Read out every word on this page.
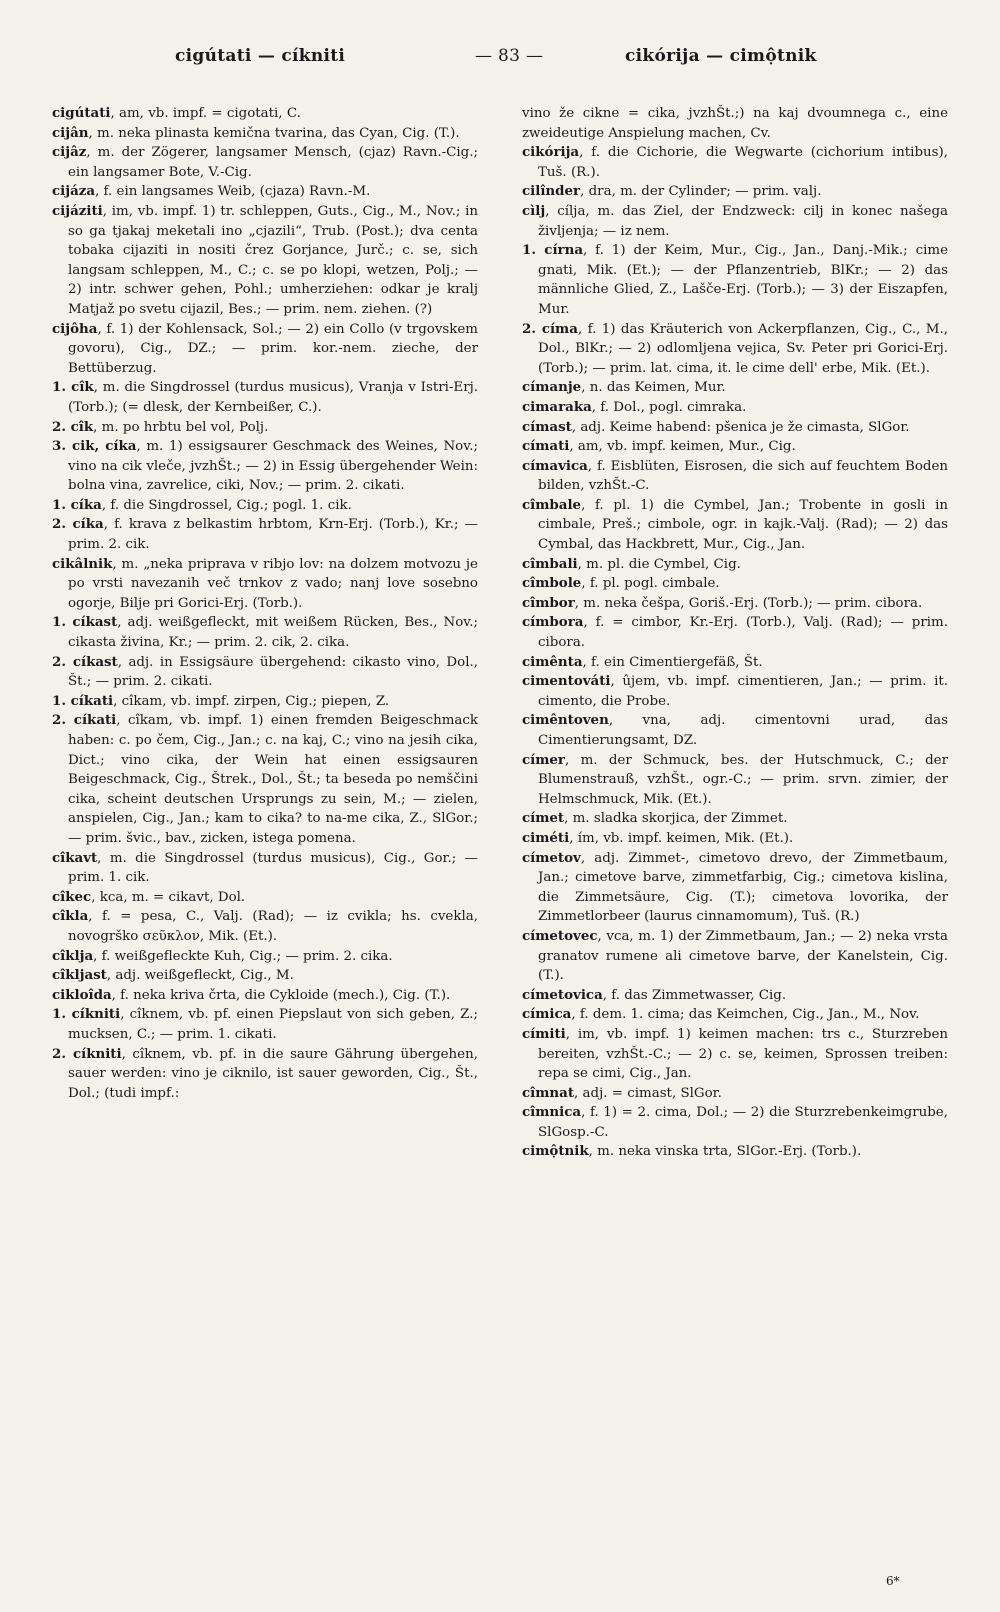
cigútati — cíkniti	— 83 —	cikórija — cimộtnik

cigútati, am, vb. impf. = cigotati, C.

cijân, m. neka plinasta kemična tvarina, das Cyan, Cig. (T.).

cijâz, m. der Zögerer, langsamer Mensch, (cjaz) Ravn.-Cig.; ein langsamer Bote, V.-Cig.

cijáza, f. ein langsames Weib, (cjaza) Ravn.-M.

cijáziti, im, vb. impf. 1) tr. schleppen, Guts., Cig., M., Nov.; in so ga tjakaj meketali ino „cjazili“, Trub. (Post.); dva centa tobaka cijaziti in nositi črez Gorjance, Jurč.; c. se, sich langsam schleppen, M., C.; c. se po klopi, wetzen, Polj.; — 2) intr. schwer gehen, Pohl.; umherziehen: odkar je kralj Matjaž po svetu cijazil, Bes.; — prim. nem. ziehen. (?)

cijôha, f. 1) der Kohlensack, Sol.; — 2) ein Collo (v trgovskem govoru), Cig., DZ.; — prim. kor.-nem. zieche, der Bettüberzug.

1. cîk, m. die Singdrossel (turdus musicus), Vranja v Istri-Erj. (Torb.); (= dlesk, der Kernbeißer, C.).

2. cîk, m. po hrbtu bel vol, Polj.

3. cik, cíka, m. 1) essigsaurer Geschmack des Weines, Nov.; vino na cik vleče, jvzhŠt.; — 2) in Essig übergehender Wein: bolna vina, zavrelice, ciki, Nov.; — prim. 2. cikati.

1. cíka, f. die Singdrossel, Cig.; pogl. 1. cik.

2. cíka, f. krava z belkastim hrbtom, Krn-Erj. (Torb.), Kr.; — prim. 2. cik.

cikâlnik, m. „neka priprava v ribjo lov: na dolzem motvozu je po vrsti navezanih več trnkov z vado; nanj love sosebno ogorje, Bilje pri Gorici-Erj. (Torb.).

1. cíkast, adj. weißgefleckt, mit weißem Rücken, Bes., Nov.; cikasta živina, Kr.; — prim. 2. cik, 2. cika.

2. cíkast, adj. in Essigsäure übergehend: cikasto vino, Dol., Št.; — prim. 2. cikati.

1. cíkati, cîkam, vb. impf. zirpen, Cig.; piepen, Z.

2. cíkati, cîkam, vb. impf. 1) einen fremden Beigeschmack haben: c. po čem, Cig., Jan.; c. na kaj, C.; vino na jesih cika, Dict.; vino cika, der Wein hat einen essigsauren Beigeschmack, Cig., Štrek., Dol., Št.; ta beseda po nemščini cika, scheint deutschen Ursprungs zu sein, M.; — zielen, anspielen, Cig., Jan.; kam to cika? to na-me cika, Z., SlGor.; — prim. švic., bav., zicken, istega pomena.

cîkavt, m. die Singdrossel (turdus musicus), Cig., Gor.; — prim. 1. cik.

cîkec, kca, m. = cikavt, Dol.

cîkla, f. = pesa, C., Valj. (Rad); — iz cvikla; hs. cvekla, novogrško σεῦκλον, Mik. (Et.).

cîklja, f. weißgefleckte Kuh, Cig.; — prim. 2. cika.

cîkljast, adj. weißgefleckt, Cig., M.

cikloîda, f. neka kriva črta, die Cykloide (mech.), Cig. (T.).

1. cíkniti, cîknem, vb. pf. einen Piepslaut von sich geben, Z.; mucksen, C.; — prim. 1. cikati.

2. cíkniti, cîknem, vb. pf. in die saure Gährung übergehen, sauer werden: vino je ciknilo, ist sauer geworden, Cig., Št., Dol.; (tudi impf.:

vino že cikne = cika, jvzhŠt.;) na kaj dvoumnega c., eine zweideutige Anspielung machen, Cv.

cikórija, f. die Cichorie, die Wegwarte (cichorium intibus), Tuš. (R.).

cilînder, dra, m. der Cylinder; — prim. valj.

cìlj, cílja, m. das Ziel, der Endzweck: cilj in konec našega življenja; — iz nem.

1. círna, f. 1) der Keim, Mur., Cig., Jan., Danj.-Mik.; cime gnati, Mik. (Et.); — der Pflanzentrieb, BlKr.; — 2) das männliche Glied, Z., Lašče-Erj. (Torb.); — 3) der Eiszapfen, Mur.

2. címa, f. 1) das Kräuterich von Ackerpflanzen, Cig., C., M., Dol., BlKr.; — 2) odlomljena vejica, Sv. Peter pri Gorici-Erj. (Torb.); — prim. lat. cima, it. le cime dell' erbe, Mik. (Et.).

címanje, n. das Keimen, Mur.

cimaraka, f. Dol., pogl. cimraka.

címast, adj. Keime habend: pšenica je že cimasta, SlGor.

címati, am, vb. impf. keimen, Mur., Cig.

címavica, f. Eisblüten, Eisrosen, die sich auf feuchtem Boden bilden, vzhŠt.-C.

cîmbale, f. pl. 1) die Cymbel, Jan.; Trobente in gosli in cimbale, Preš.; cimbole, ogr. in kajk.-Valj. (Rad); — 2) das Cymbal, das Hackbrett, Mur., Cig., Jan.

cîmbali, m. pl. die Cymbel, Cig.

cîmbole, f. pl. pogl. cimbale.

cîmbor, m. neka češpa, Goriš.-Erj. (Torb.); — prim. cibora.

címbora, f. = cimbor, Kr.-Erj. (Torb.), Valj. (Rad); — prim. cibora.

cimênta, f. ein Cimentiergefäß, Št.

cimentováti, ûjem, vb. impf. cimentieren, Jan.; — prim. it. cimento, die Probe.

cimêntoven, vna, adj. cimentovni urad, das Cimentierungsamt, DZ.

címer, m. der Schmuck, bes. der Hutschmuck, C.; der Blumenstrauß, vzhŠt., ogr.-C.; — prim. srvn. zimier, der Helmschmuck, Mik. (Et.).

címet, m. sladka skorjica, der Zimmet.

ciméti, ím, vb. impf. keimen, Mik. (Et.).

címetov, adj. Zimmet-, cimetovo drevo, der Zimmetbaum, Jan.; cimetove barve, zimmetfarbig, Cig.; cimetova kislina, die Zimmetsäure, Cig. (T.); cimetova lovorika, der Zimmetlorbeer (laurus cinnamomum), Tuš. (R.)

címetovec, vca, m. 1) der Zimmetbaum, Jan.; — 2) neka vrsta granatov rumene ali cimetove barve, der Kanelstein, Cig. (T.).

címetovica, f. das Zimmetwasser, Cig.

címica, f. dem. 1. cima; das Keimchen, Cig., Jan., M., Nov.

címiti, im, vb. impf. 1) keimen machen: trs c., Sturzreben bereiten, vzhŠt.-C.; — 2) c. se, keimen, Sprossen treiben: repa se cimi, Cig., Jan.

cîmnat, adj. = cimast, SlGor.

cîmnica, f. 1) = 2. cima, Dol.; — 2) die Sturzrebenkeimgrube, SlGosp.-C.

cimộtnik, m. neka vinska trta, SlGor.-Erj. (Torb.).

6*
